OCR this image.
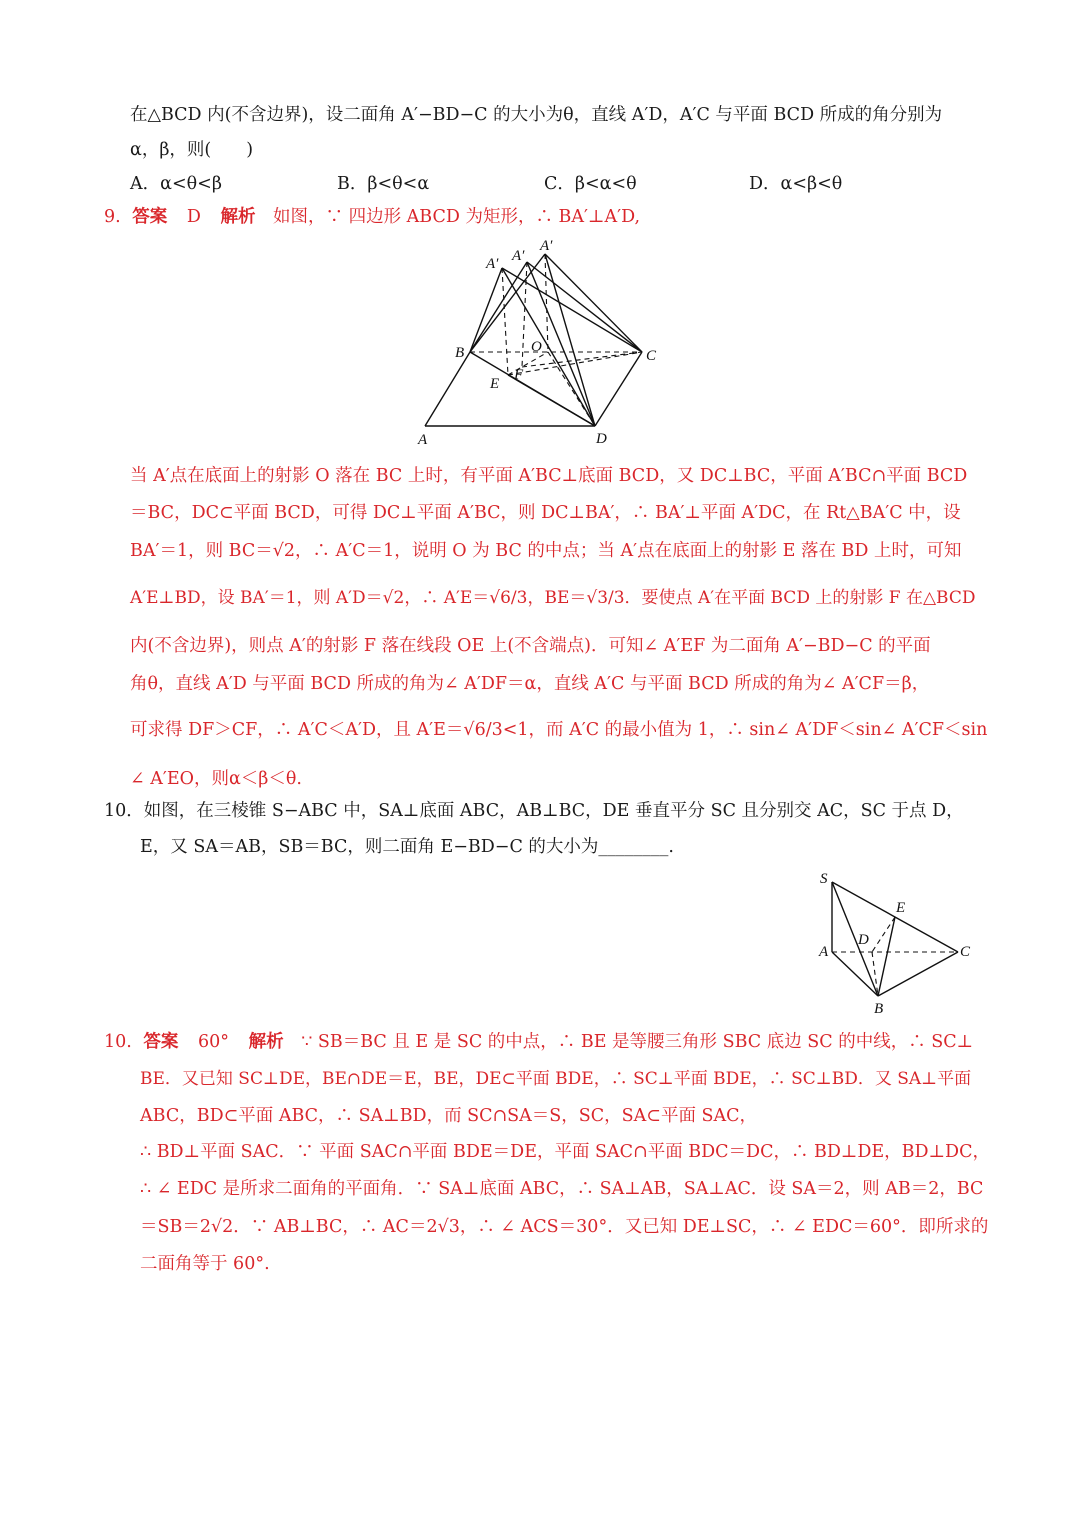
在△BCD 内(不含边界)，设二面角 A′−BD−C 的大小为θ，直线 A′D，A′C 与平面 BCD 所成的角分别为
α，β，则(　　)
A．α<θ<β	B．β<θ<α	C．β<α<θ	D．α<β<θ
9. 答案 D 解析 如图，∵ 四边形 ABCD 为矩形，∴ BA′⊥A′D,
A′ A′
A′
B	O
C
E
F
A	D
当 A′点在底面上的射影 O 落在 BC 上时，有平面 A′BC⊥底面 BCD，又 DC⊥BC，平面 A′BC∩平面 BCD
＝BC，DC⊂平面 BCD，可得 DC⊥平面 A′BC，则 DC⊥BA′，∴ BA′⊥平面 A′DC，在 Rt△BA′C 中，设
BA′＝1，则 BC＝√2，∴ A′C＝1，说明 O 为 BC 的中点；当 A′点在底面上的射影 E 落在 BD 上时，可知
A′E⊥BD，设 BA′＝1，则 A′D＝√2，∴ A′E＝√6/3，BE＝√3/3．要使点 A′在平面 BCD 上的射影 F 在△BCD
内(不含边界)，则点 A′的射影 F 落在线段 OE 上(不含端点)．可知∠ A′EF 为二面角 A′−BD−C 的平面
角θ，直线 A′D 与平面 BCD 所成的角为∠ A′DF＝α，直线 A′C 与平面 BCD 所成的角为∠ A′CF＝β，
可求得 DF＞CF，∴ A′C＜A′D，且 A′E＝√6/3<1，而 A′C 的最小值为 1，∴ sin∠ A′DF＜sin∠ A′CF＜sin
∠ A′EO，则α＜β＜θ.
10．如图，在三棱锥 S−ABC 中，SA⊥底面 ABC，AB⊥BC，DE 垂直平分 SC 且分别交 AC，SC 于点 D，
E，又 SA＝AB，SB＝BC，则二面角 E−BD−C 的大小为________.
S
E
D
A	C
B
10. 答案 60° 解析 ∵ SB＝BC 且 E 是 SC 的中点，∴ BE 是等腰三角形 SBC 底边 SC 的中线，∴ SC⊥
BE．又已知 SC⊥DE，BE∩DE＝E，BE，DE⊂平面 BDE，∴ SC⊥平面 BDE，∴ SC⊥BD．又 SA⊥平面
ABC，BD⊂平面 ABC，∴ SA⊥BD，而 SC∩SA＝S，SC，SA⊂平面 SAC，
∴ BD⊥平面 SAC．∵ 平面 SAC∩平面 BDE＝DE，平面 SAC∩平面 BDC＝DC，∴ BD⊥DE，BD⊥DC，
∴ ∠ EDC 是所求二面角的平面角．∵ SA⊥底面 ABC，∴ SA⊥AB，SA⊥AC．设 SA＝2，则 AB＝2，BC
＝SB＝2√2．∵ AB⊥BC，∴ AC＝2√3，∴ ∠ ACS＝30°．又已知 DE⊥SC，∴ ∠ EDC＝60°．即所求的
二面角等于 60°.
